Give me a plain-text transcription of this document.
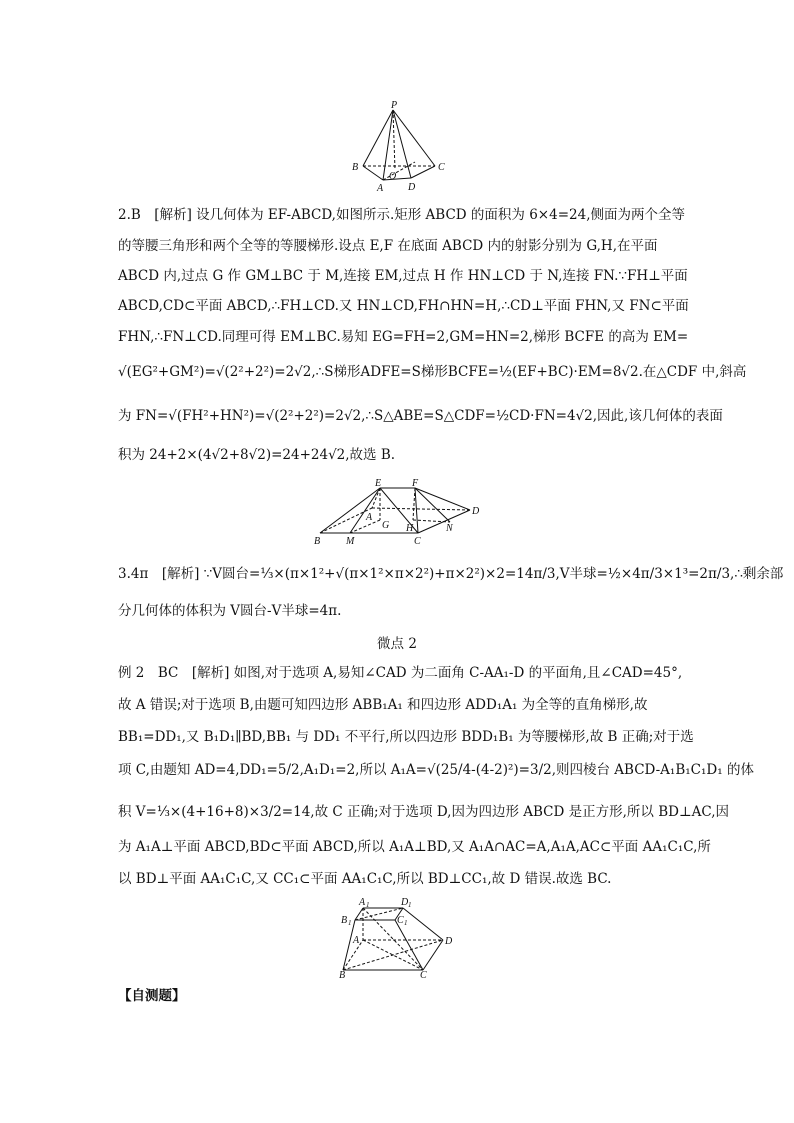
P
B	C
A
O
D
2.B　[解析] 设几何体为 EF-ABCD,如图所示.矩形 ABCD 的面积为 6×4=24,侧面为两个全等
的等腰三角形和两个全等的等腰梯形.设点 E,F 在底面 ABCD 内的射影分别为 G,H,在平面
ABCD 内,过点 G 作 GM⊥BC 于 M,连接 EM,过点 H 作 HN⊥CD 于 N,连接 FN.∵FH⊥平面
ABCD,CD⊂平面 ABCD,∴FH⊥CD.又 HN⊥CD,FH∩HN=H,∴CD⊥平面 FHN,又 FN⊂平面
FHN,∴FN⊥CD.同理可得 EM⊥BC.易知 EG=FH=2,GM=HN=2,梯形 BCFE 的高为 EM=
√(EG²+GM²)=√(2²+2²)=2√2,∴S梯形ADFE=S梯形BCFE=½(EF+BC)·EM=8√2.在△CDF 中,斜高
为 FN=√(FH²+HN²)=√(2²+2²)=2√2,∴S△ABE=S△CDF=½CD·FN=4√2,因此,该几何体的表面
积为 24+2×(4√2+8√2)=24+24√2,故选 B.
E	F
D
A
G H	N
B	M	C
3.4π　[解析] ∵V圆台=⅓×(π×1²+√(π×1²×π×2²)+π×2²)×2=14π/3,V半球=½×4π/3×1³=2π/3,∴剩余部
分几何体的体积为 V圆台-V半球=4π.
微点 2
例 2　BC　[解析] 如图,对于选项 A,易知∠CAD 为二面角 C-AA₁-D 的平面角,且∠CAD=45°,
故 A 错误;对于选项 B,由题可知四边形 ABB₁A₁ 和四边形 ADD₁A₁ 为全等的直角梯形,故
BB₁=DD₁,又 B₁D₁∥BD,BB₁ 与 DD₁ 不平行,所以四边形 BDD₁B₁ 为等腰梯形,故 B 正确;对于选
项 C,由题知 AD=4,DD₁=5/2,A₁D₁=2,所以 A₁A=√(25/4-(4-2)²)=3/2,则四棱台 ABCD-A₁B₁C₁D₁ 的体
积 V=⅓×(4+16+8)×3/2=14,故 C 正确;对于选项 D,因为四边形 ABCD 是正方形,所以 BD⊥AC,因
为 A₁A⊥平面 ABCD,BD⊂平面 ABCD,所以 A₁A⊥BD,又 A₁A∩AC=A,A₁A,AC⊂平面 AA₁C₁C,所
以 BD⊥平面 AA₁C₁C,又 CC₁⊂平面 AA₁C₁C,所以 BD⊥CC₁,故 D 错误.故选 BC.
A 1
B 1
D 1
C 1
A	D
B	C
【自测题】
